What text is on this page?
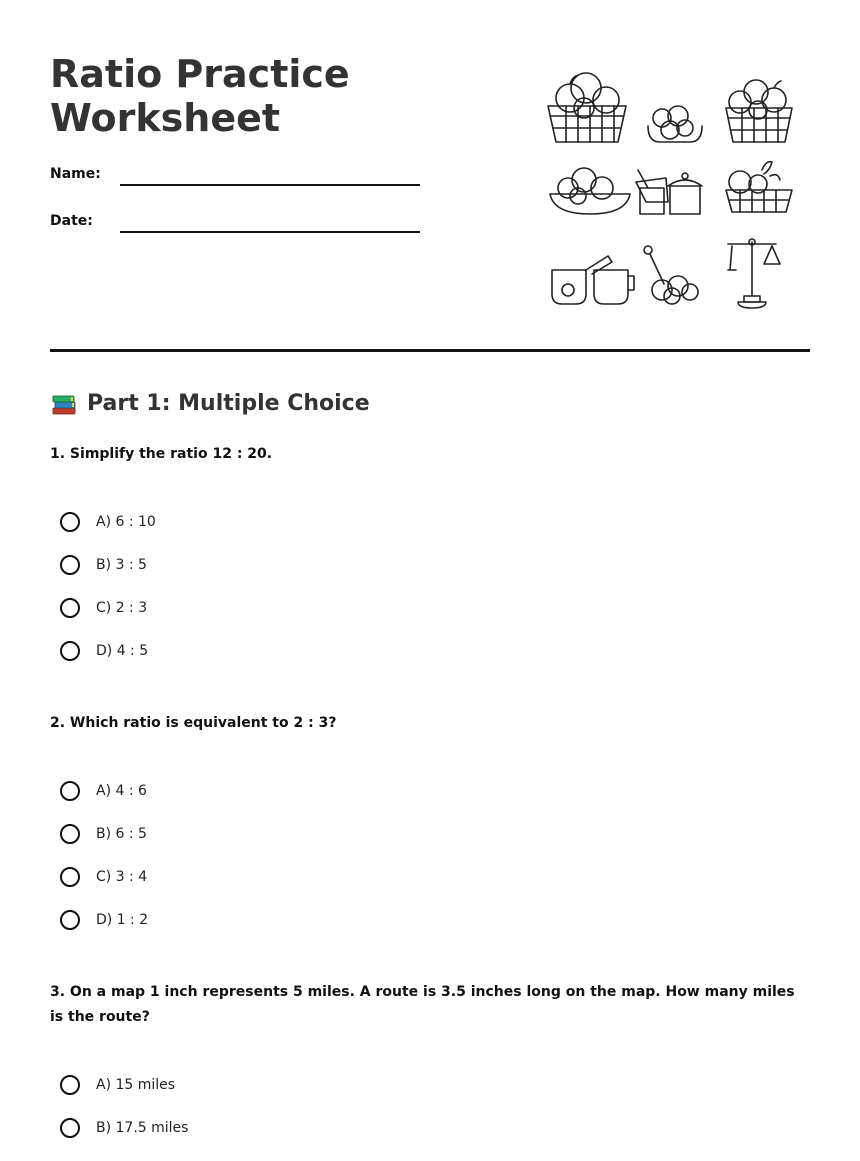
Ratio Practice Worksheet
Name:
Date:
Part 1: Multiple Choice

1. Simplify the ratio 12 : 20.

A) 6 : 10
B) 3 : 5
C) 2 : 3
D) 4 : 5

2. Which ratio is equivalent to 2 : 3?

A) 4 : 6
B) 6 : 5
C) 3 : 4
D) 1 : 2

3. On a map 1 inch represents 5 miles. A route is 3.5 inches long on the map. How many miles is the route?

A) 15 miles
B) 17.5 miles
